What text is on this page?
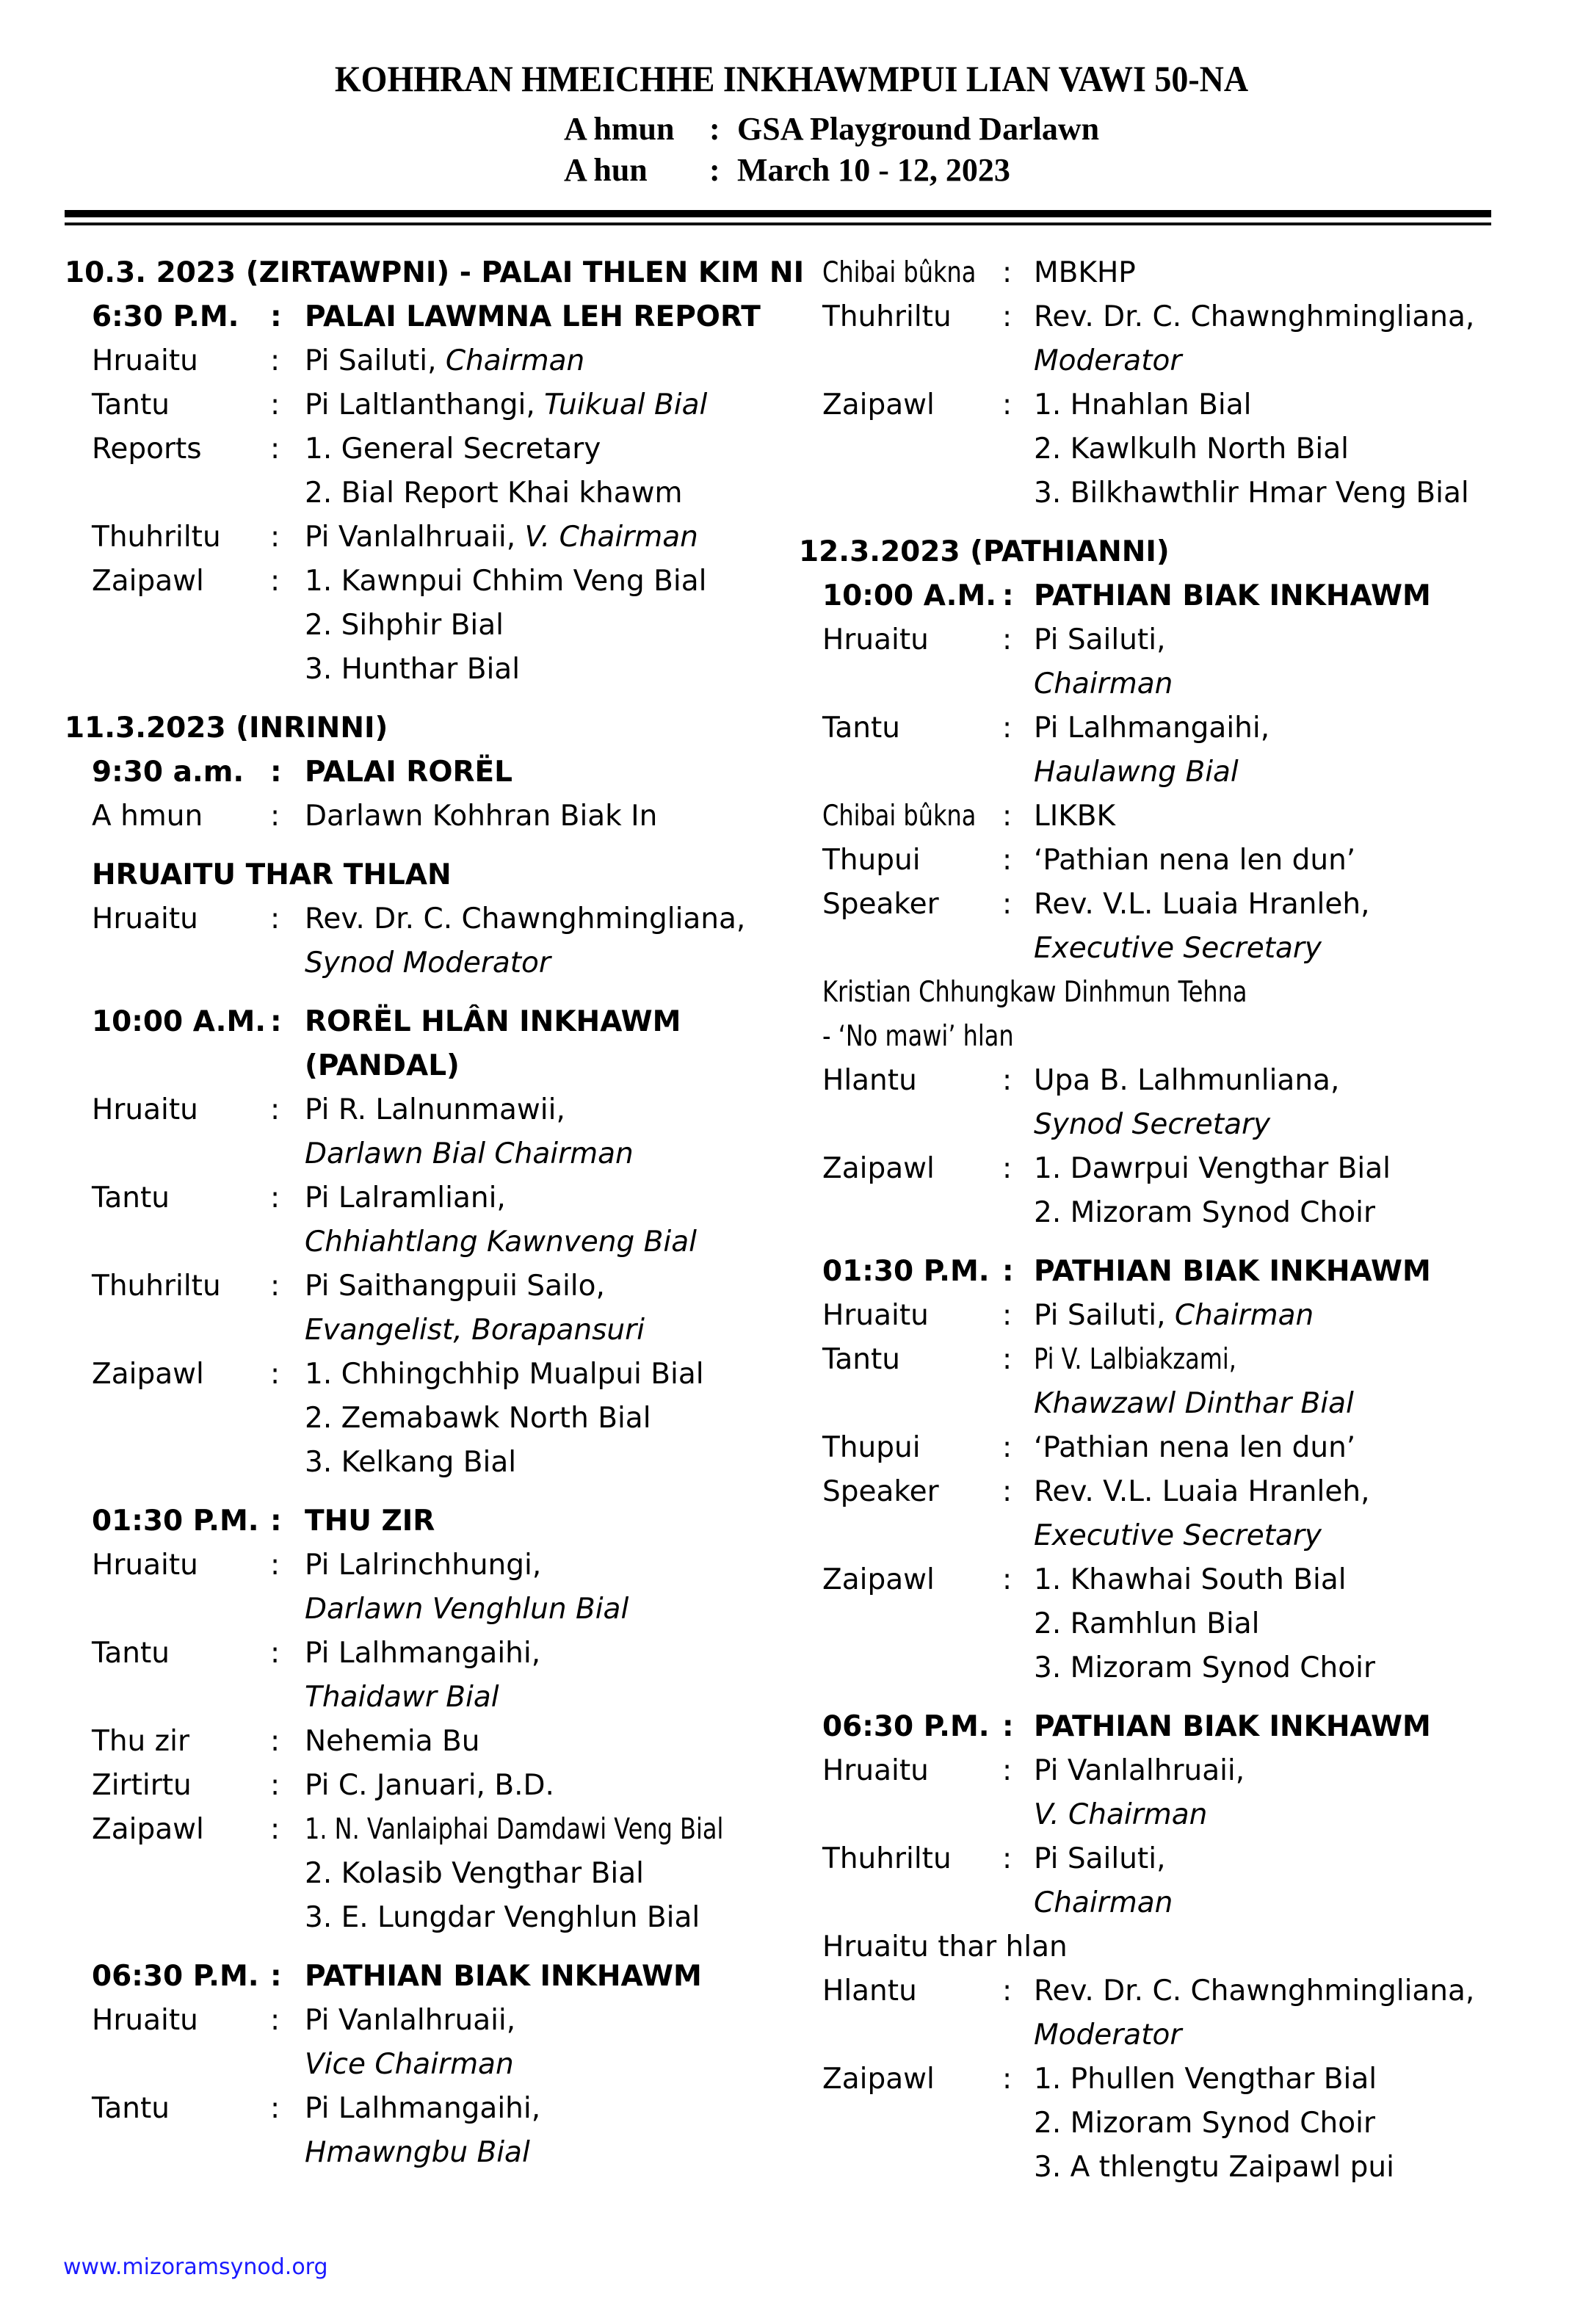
KOHHRAN HMEICHHE INKHAWMPUI LIAN VAWI 50-NA
A hmun : GSA Playground Darlawn
A hun : March 10 - 12, 2023
10.3. 2023 (ZIRTAWPNI) - PALAI THLEN KIM NI
6:30 P.M. : PALAI LAWMNA LEH REPORT
Hruaitu	: Pi Sailuti, Chairman
Tantu	: Pi Laltlanthangi, Tuikual Bial
Reports : 1. General Secretary
2. Bial Report Khai khawm
Thuhriltu : Pi Vanlalhruaii, V. Chairman
Zaipawl : 1. Kawnpui Chhim Veng Bial
2. Sihphir Bial
3. Hunthar Bial
11.3.2023 (INRINNI)
9:30 a.m. : PALAI RORËL
A hmun : Darlawn Kohhran Biak In
HRUAITU THAR THLAN
Hruaitu	: Rev. Dr. C. Chawnghmingliana,
Synod Moderator
10:00 A.M. : RORËL HLÂN INKHAWM
(PANDAL)
Hruaitu	: Pi R. Lalnunmawii,
Darlawn Bial Chairman
Tantu	: Pi Lalramliani,
Chhiahtlang Kawnveng Bial
Thuhriltu : Pi Saithangpuii Sailo,
Evangelist, Borapansuri
Zaipawl : 1. Chhingchhip Mualpui Bial
2. Zemabawk North Bial
3. Kelkang Bial
01:30 P.M. : THU ZIR
Hruaitu	: Pi Lalrinchhungi,
Darlawn Venghlun Bial
Tantu	: Pi Lalhmangaihi,
Thaidawr Bial
Thu zir	: Nehemia Bu
Zirtirtu	: Pi C. Januari, B.D.
Zaipawl : 1. N. Vanlaiphai Damdawi Veng Bial
2. Kolasib Vengthar Bial
3. E. Lungdar Venghlun Bial
06:30 P.M. : PATHIAN BIAK INKHAWM
Hruaitu	: Pi Vanlalhruaii,
Vice Chairman
Tantu	: Pi Lalhmangaihi,
Hmawngbu Bial
Chibai bûkna : MBKHP
Thuhriltu : Rev. Dr. C. Chawnghmingliana,
Moderator
Zaipawl : 1. Hnahlan Bial
2. Kawlkulh North Bial
3. Bilkhawthlir Hmar Veng Bial
12.3.2023 (PATHIANNI)
10:00 A.M. : PATHIAN BIAK INKHAWM
Hruaitu	: Pi Sailuti,
Chairman
Tantu	: Pi Lalhmangaihi,
Haulawng Bial
Chibai bûkna : LIKBK
Thupui	: ‘Pathian nena len dun’
Speaker : Rev. V.L. Luaia Hranleh,
Executive Secretary
Kristian Chhungkaw Dinhmun Tehna
- ‘No mawi’ hlan
Hlantu	: Upa B. Lalhmunliana,
Synod Secretary
Zaipawl : 1. Dawrpui Vengthar Bial
2. Mizoram Synod Choir
01:30 P.M. : PATHIAN BIAK INKHAWM
Hruaitu	: Pi Sailuti, Chairman
Tantu	: Pi V. Lalbiakzami,
Khawzawl Dinthar Bial
Thupui	: ‘Pathian nena len dun’
Speaker : Rev. V.L. Luaia Hranleh,
Executive Secretary
Zaipawl : 1. Khawhai South Bial
2. Ramhlun Bial
3. Mizoram Synod Choir
06:30 P.M. : PATHIAN BIAK INKHAWM
Hruaitu	: Pi Vanlalhruaii,
V. Chairman
Thuhriltu : Pi Sailuti,
Chairman
Hruaitu thar hlan
Hlantu	: Rev. Dr. C. Chawnghmingliana,
Moderator
Zaipawl : 1. Phullen Vengthar Bial
2. Mizoram Synod Choir
3. A thlengtu Zaipawl pui
www.mizoramsynod.org
